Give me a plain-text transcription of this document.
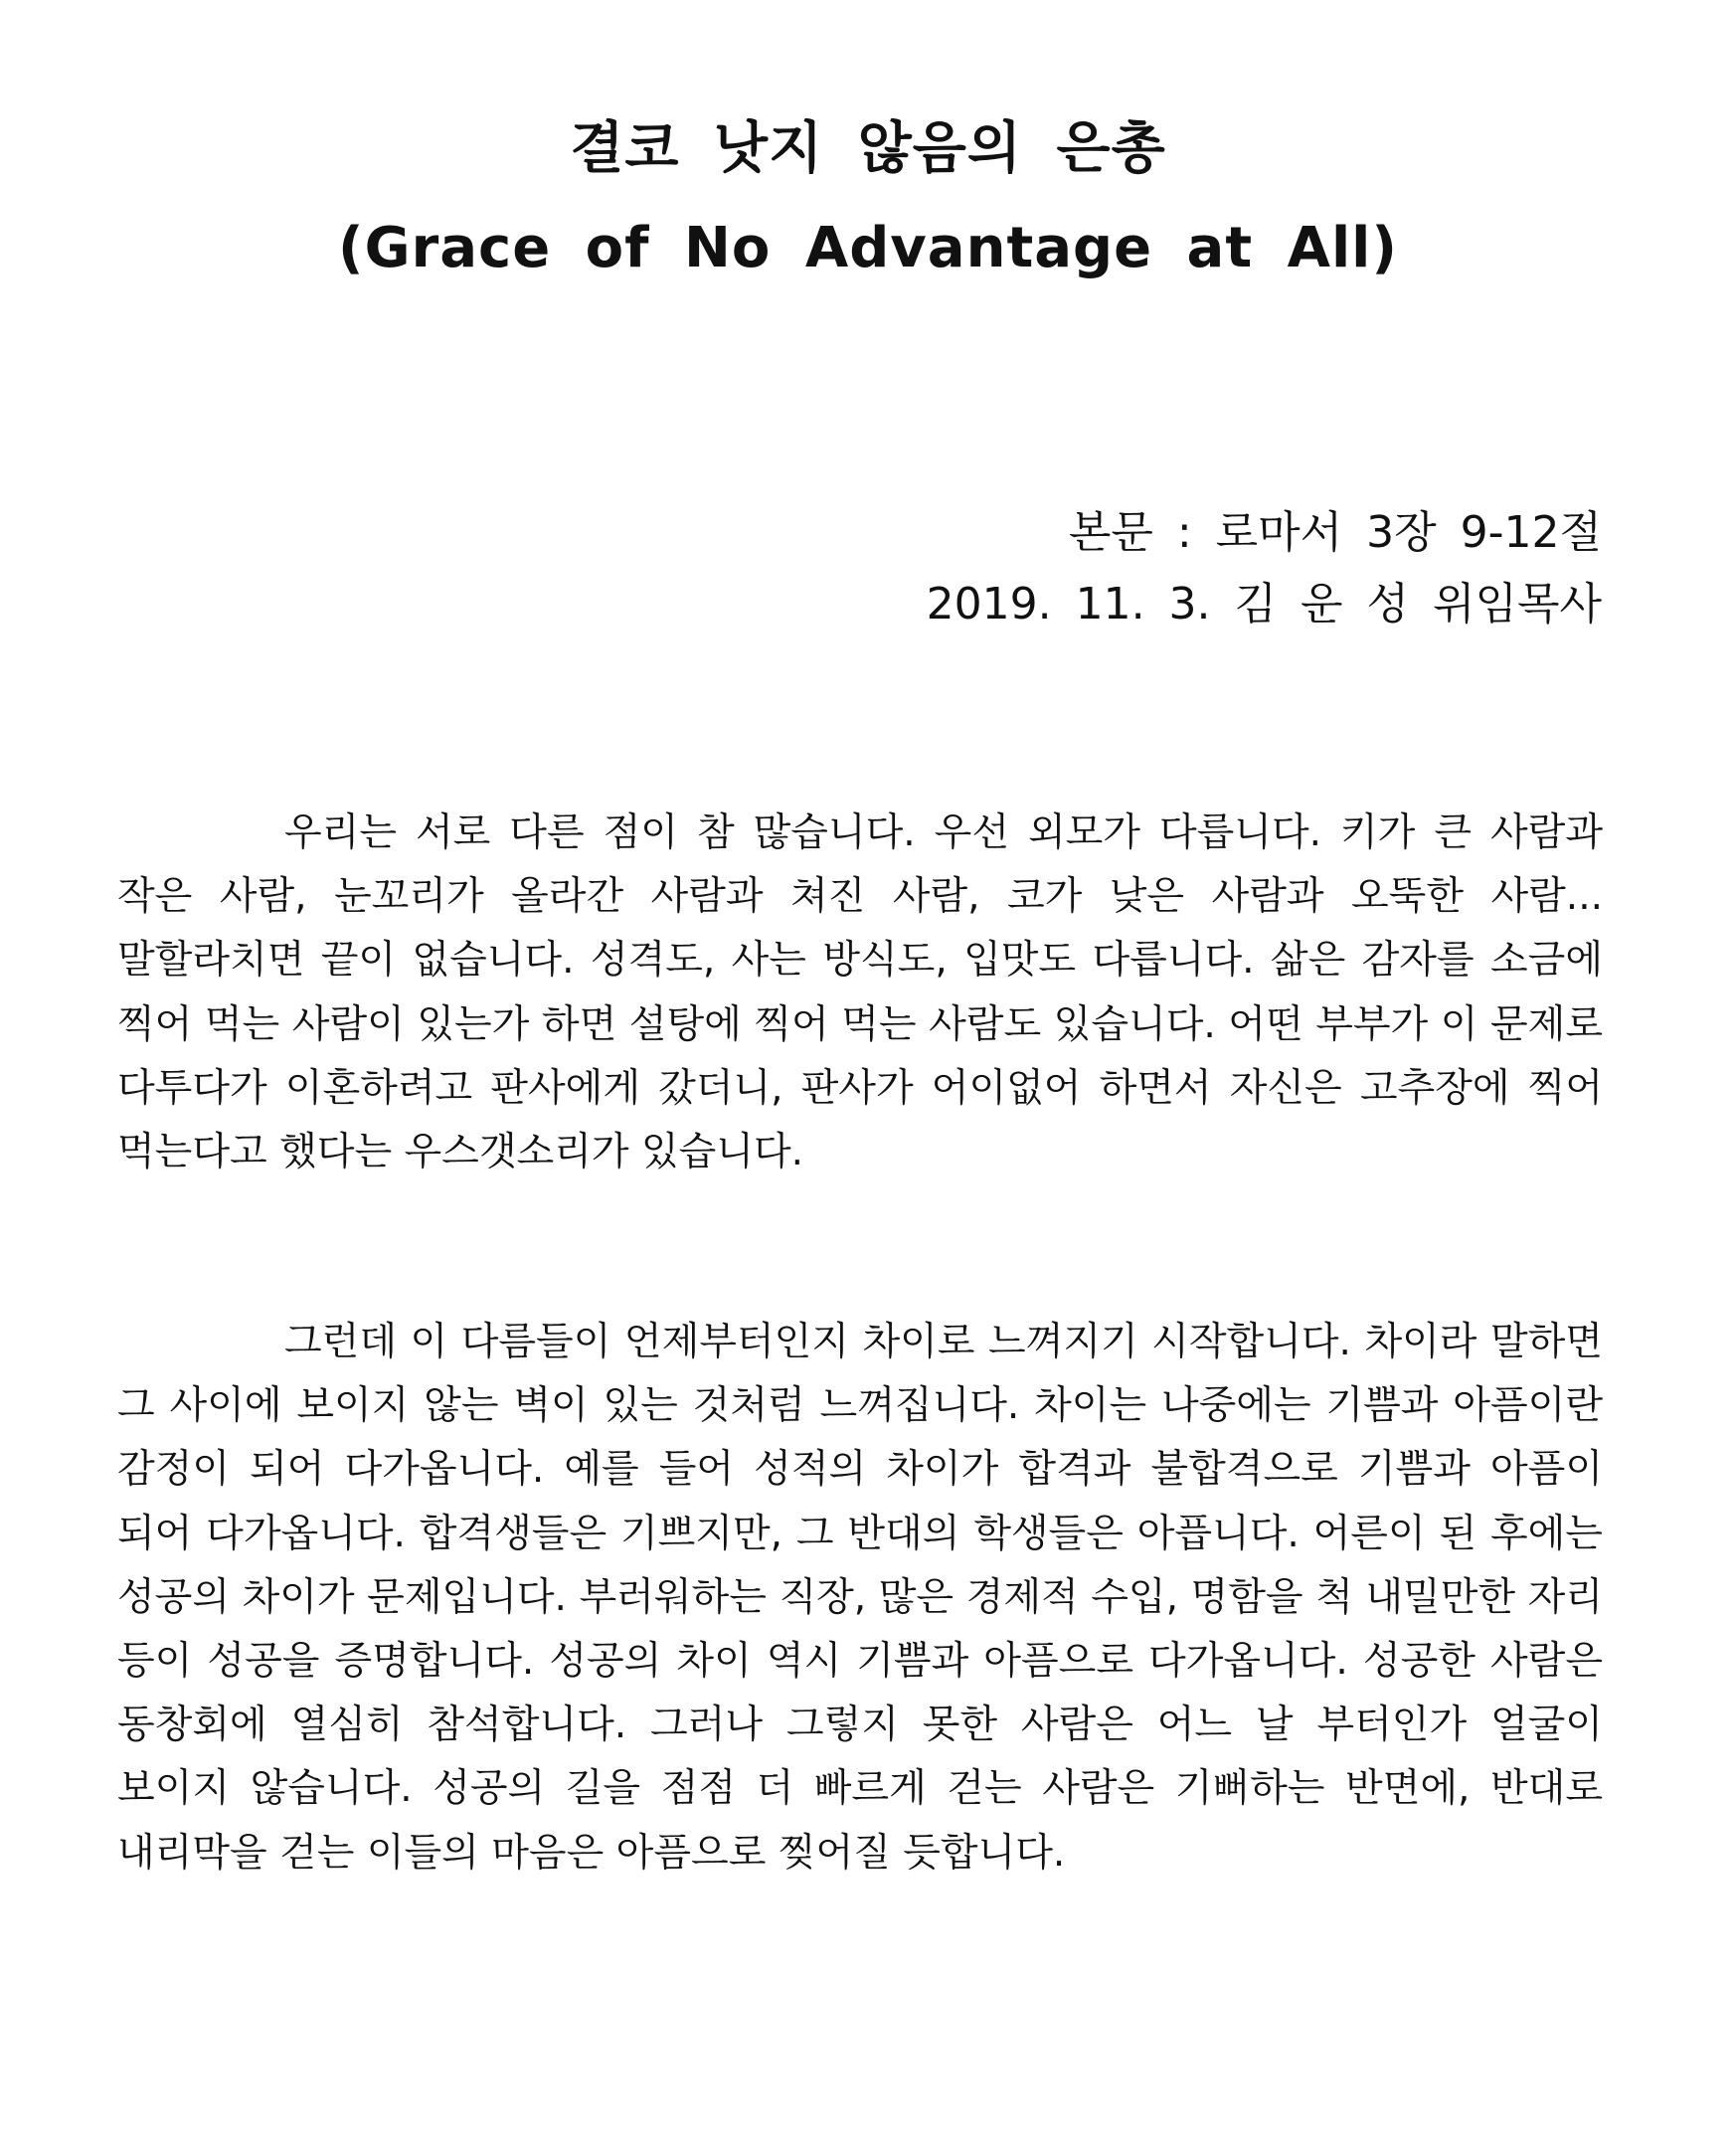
결코 낫지 않음의 은총
(Grace of No Advantage at All)
본문 : 로마서 3장 9-12절
2019. 11. 3. 김 운 성 위임목사
우리는 서로 다른 점이 참 많습니다. 우선 외모가 다릅니다. 키가 큰 사람과 작은 사람, 눈꼬리가 올라간 사람과 쳐진 사람, 코가 낮은 사람과 오뚝한 사람... 말할라치면 끝이 없습니다. 성격도, 사는 방식도, 입맛도 다릅니다. 삶은 감자를 소금에 찍어 먹는 사람이 있는가 하면 설탕에 찍어 먹는 사람도 있습니다. 어떤 부부가 이 문제로 다투다가 이혼하려고 판사에게 갔더니, 판사가 어이없어 하면서 자신은 고추장에 찍어 먹는다고 했다는 우스갯소리가 있습니다.
그런데 이 다름들이 언제부터인지 차이로 느껴지기 시작합니다. 차이라 말하면 그 사이에 보이지 않는 벽이 있는 것처럼 느껴집니다. 차이는 나중에는 기쁨과 아픔이란 감정이 되어 다가옵니다. 예를 들어 성적의 차이가 합격과 불합격으로 기쁨과 아픔이 되어 다가옵니다. 합격생들은 기쁘지만, 그 반대의 학생들은 아픕니다. 어른이 된 후에는 성공의 차이가 문제입니다. 부러워하는 직장, 많은 경제적 수입, 명함을 척 내밀만한 자리 등이 성공을 증명합니다. 성공의 차이 역시 기쁨과 아픔으로 다가옵니다. 성공한 사람은 동창회에 열심히 참석합니다. 그러나 그렇지 못한 사람은 어느 날 부터인가 얼굴이 보이지 않습니다. 성공의 길을 점점 더 빠르게 걷는 사람은 기뻐하는 반면에, 반대로 내리막을 걷는 이들의 마음은 아픔으로 찢어질 듯합니다.
